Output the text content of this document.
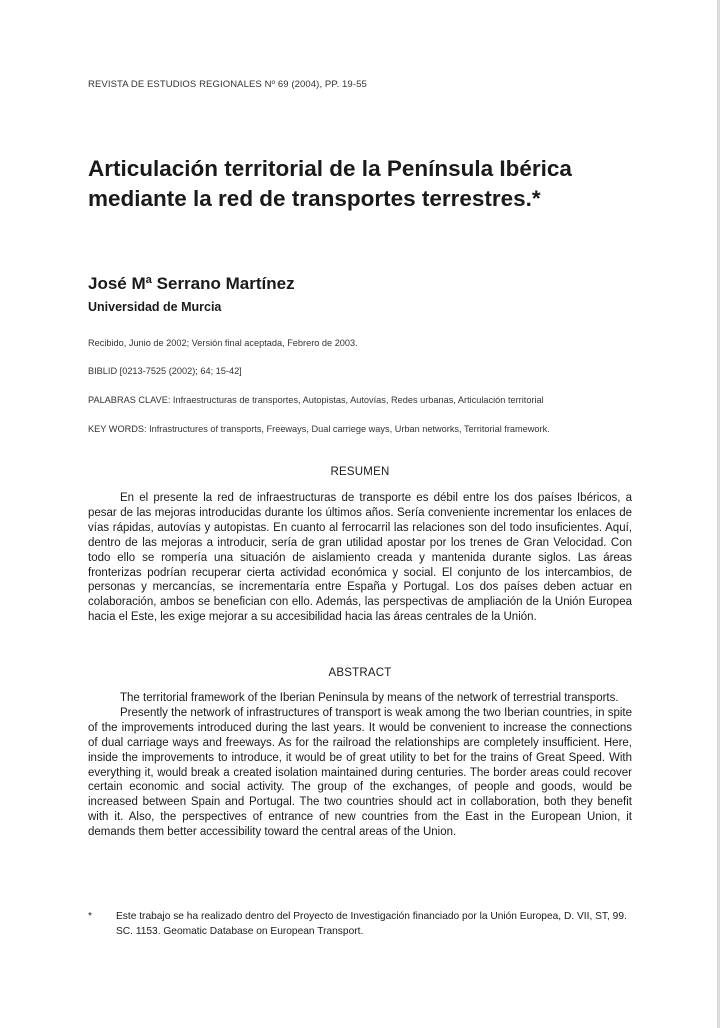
REVISTA DE ESTUDIOS REGIONALES Nº 69 (2004), PP. 19-55
Articulación territorial de la Península Ibérica mediante la red de transportes terrestres.*
José Mª Serrano Martínez
Universidad de Murcia
Recibido, Junio de 2002; Versión final aceptada, Febrero de 2003.
BIBLID [0213-7525 (2002); 64; 15-42]
PALABRAS CLAVE: Infraestructuras de transportes, Autopistas, Autovías, Redes urbanas, Articulación territorial
KEY WORDS: Infrastructures of transports, Freeways, Dual carriege ways, Urban networks, Territorial framework.
RESUMEN

En el presente la red de infraestructuras de transporte es débil entre los dos países Ibéricos, a pesar de las mejoras introducidas durante los últimos años. Sería conveniente incrementar los enlaces de vías rápidas, autovías y autopistas. En cuanto al ferrocarril las relaciones son del todo insuficientes. Aquí, dentro de las mejoras a introducir, sería de gran utilidad apostar por los trenes de Gran Velocidad. Con todo ello se rompería una situación de aislamiento creada y mantenida durante siglos. Las áreas fronterizas podrían recuperar cierta actividad económica y social. El conjunto de los intercambios, de personas y mercancías, se incrementaría entre España y Portugal. Los dos países deben actuar en colaboración, ambos se benefician con ello. Además, las perspectivas de ampliación de la Unión Europea hacia el Este, les exige mejorar a su accesibilidad hacia las áreas centrales de la Unión.

ABSTRACT

The territorial framework of the Iberian Peninsula by means of the network of terrestrial transports.

Presently the network of infrastructures of transport is weak among the two Iberian countries, in spite of the improvements introduced during the last years. It would be convenient to increase the connections of dual carriage ways and freeways. As for the railroad the relationships are completely insufficient. Here, inside the improvements to introduce, it would be of great utility to bet for the trains of Great Speed. With everything it, would break a created isolation maintained during centuries. The border areas could recover certain economic and social activity. The group of the exchanges, of people and goods, would be increased between Spain and Portugal. The two countries should act in collaboration, both they benefit with it. Also, the perspectives of entrance of new countries from the East in the European Union, it demands them better accessibility toward the central areas of the Union.

* Este trabajo se ha realizado dentro del Proyecto de Investigación financiado por la Unión Europea, D. VII, ST, 99. SC. 1153. Geomatic Database on European Transport.
